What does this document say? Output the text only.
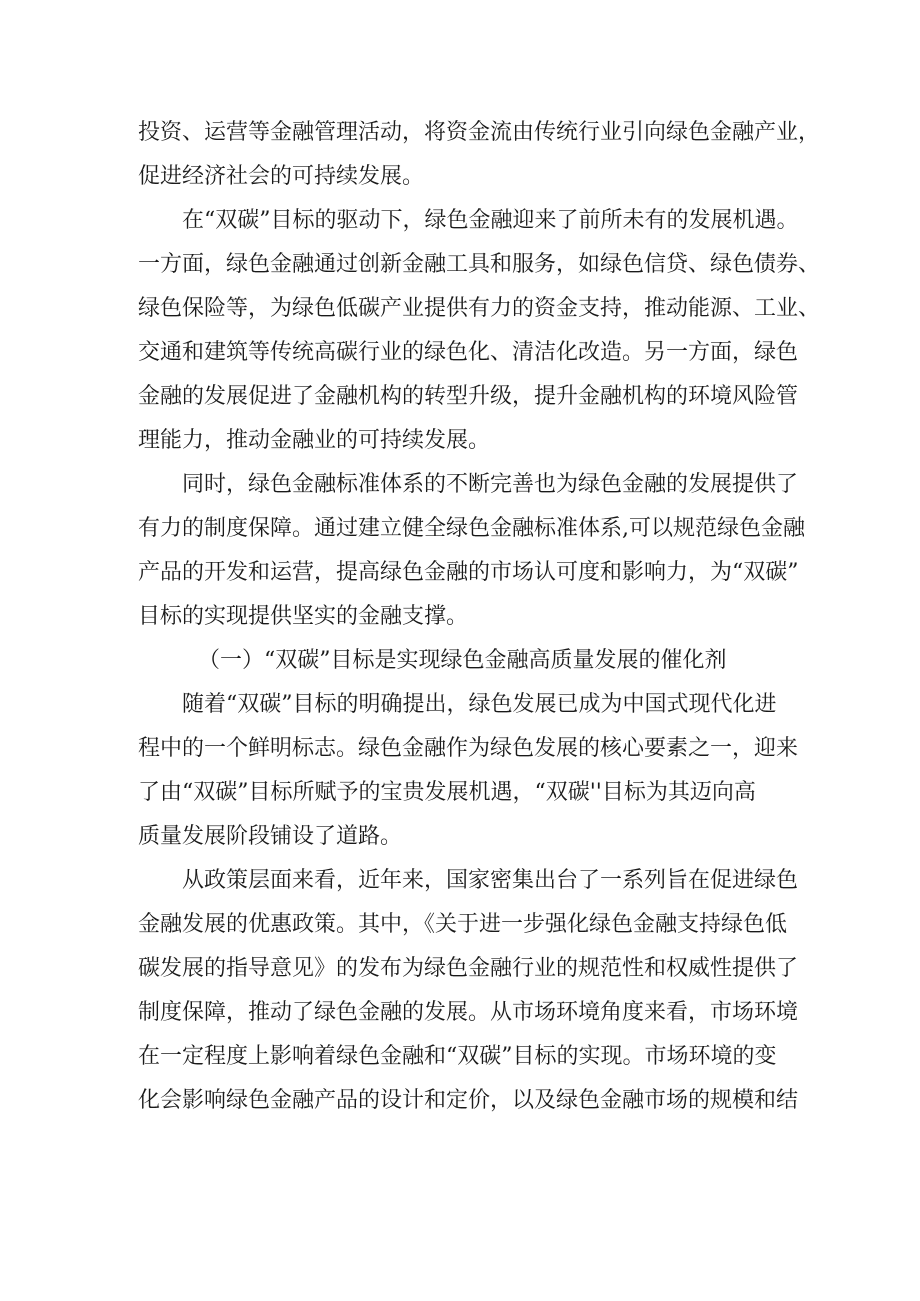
投资、运营等金融管理活动，将资金流由传统行业引向绿色金融产业，

促进经济社会的可持续发展。

在“双碳”目标的驱动下，绿色金融迎来了前所未有的发展机遇。

一方面，绿色金融通过创新金融工具和服务，如绿色信贷、绿色债券、

绿色保险等，为绿色低碳产业提供有力的资金支持，推动能源、工业、

交通和建筑等传统高碳行业的绿色化、清洁化改造。另一方面，绿色

金融的发展促进了金融机构的转型升级，提升金融机构的环境风险管

理能力，推动金融业的可持续发展。

同时，绿色金融标准体系的不断完善也为绿色金融的发展提供了

有力的制度保障。通过建立健全绿色金融标准体系,可以规范绿色金融

产品的开发和运营，提高绿色金融的市场认可度和影响力，为“双碳”

目标的实现提供坚实的金融支撑。

（一）“双碳”目标是实现绿色金融高质量发展的催化剂

随着“双碳”目标的明确提出，绿色发展已成为中国式现代化进

程中的一个鲜明标志。绿色金融作为绿色发展的核心要素之一，迎来

了由“双碳”目标所赋予的宝贵发展机遇，“双碳''目标为其迈向高

质量发展阶段铺设了道路。

从政策层面来看，近年来，国家密集出台了一系列旨在促进绿色

金融发展的优惠政策。其中，《关于进一步强化绿色金融支持绿色低

碳发展的指导意见》的发布为绿色金融行业的规范性和权威性提供了

制度保障，推动了绿色金融的发展。从市场环境角度来看，市场环境

在一定程度上影响着绿色金融和“双碳”目标的实现。市场环境的变

化会影响绿色金融产品的设计和定价，以及绿色金融市场的规模和结
